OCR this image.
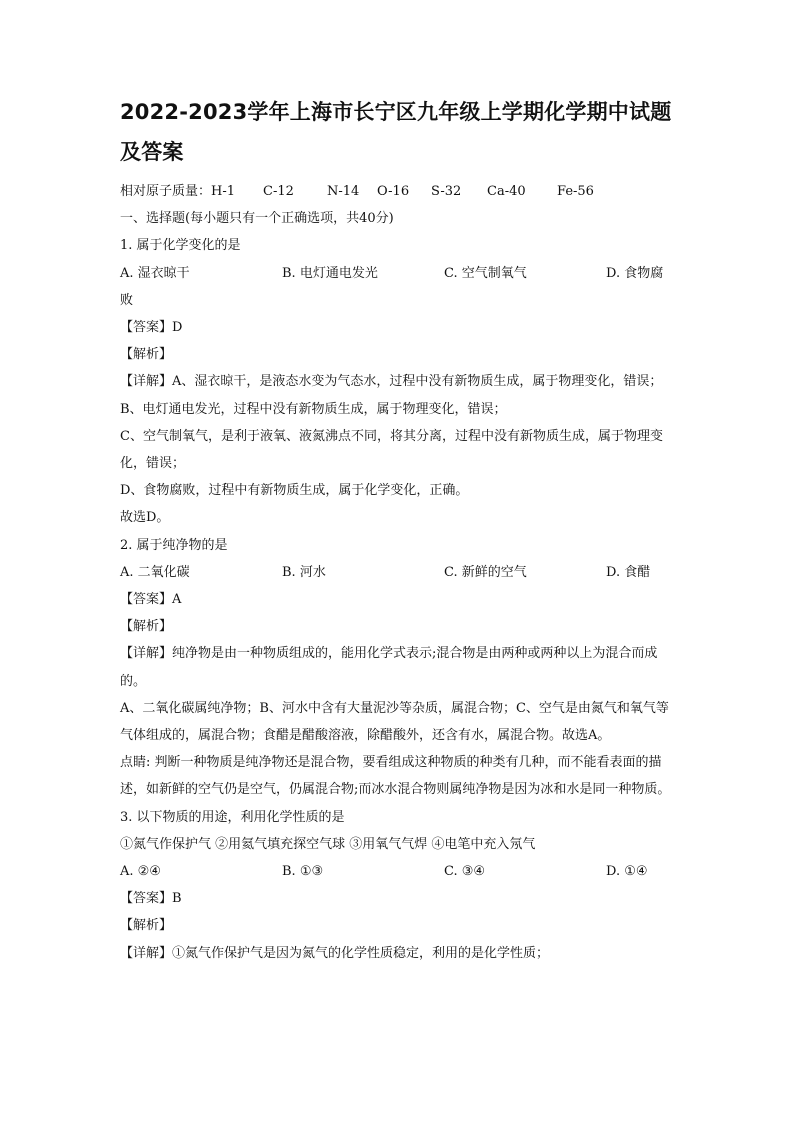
2022-2023学年上海市长宁区九年级上学期化学期中试题及答案
相对原子质量：H-1 C-12	N-14 O-16 S-32 Ca-40 Fe-56
一、选择题(每小题只有一个正确选项，共40分)
1. 属于化学变化的是
A. 湿衣晾干	B. 电灯通电发光	C. 空气制氧气	D. 食物腐
败
【答案】D
【解析】
【详解】A、湿衣晾干，是液态水变为气态水，过程中没有新物质生成，属于物理变化，错误；
B、电灯通电发光，过程中没有新物质生成，属于物理变化，错误；
C、空气制氧气，是利于液氧、液氮沸点不同，将其分离，过程中没有新物质生成，属于物理变化，错误；
D、食物腐败，过程中有新物质生成，属于化学变化，正确。
故选D。
2. 属于纯净物的是
A. 二氧化碳	B. 河水	C. 新鲜的空气	D. 食醋
【答案】A
【解析】
【详解】纯净物是由一种物质组成的，能用化学式表示;混合物是由两种或两种以上为混合而成的。
A、二氧化碳属纯净物；B、河水中含有大量泥沙等杂质，属混合物；C、空气是由氮气和氧气等气体组成的，属混合物；食醋是醋酸溶液，除醋酸外，还含有水，属混合物。故选A。
点睛: 判断一种物质是纯净物还是混合物，要看组成这种物质的种类有几种，而不能看表面的描述，如新鲜的空气仍是空气，仍属混合物;而冰水混合物则属纯净物是因为冰和水是同一种物质。
3. 以下物质的用途，利用化学性质的是
①氮气作保护气 ②用氦气填充探空气球 ③用氧气气焊 ④电笔中充入氖气
A. ②④	B. ①③	C. ③④	D. ①④
【答案】B
【解析】
【详解】①氮气作保护气是因为氮气的化学性质稳定，利用的是化学性质；
